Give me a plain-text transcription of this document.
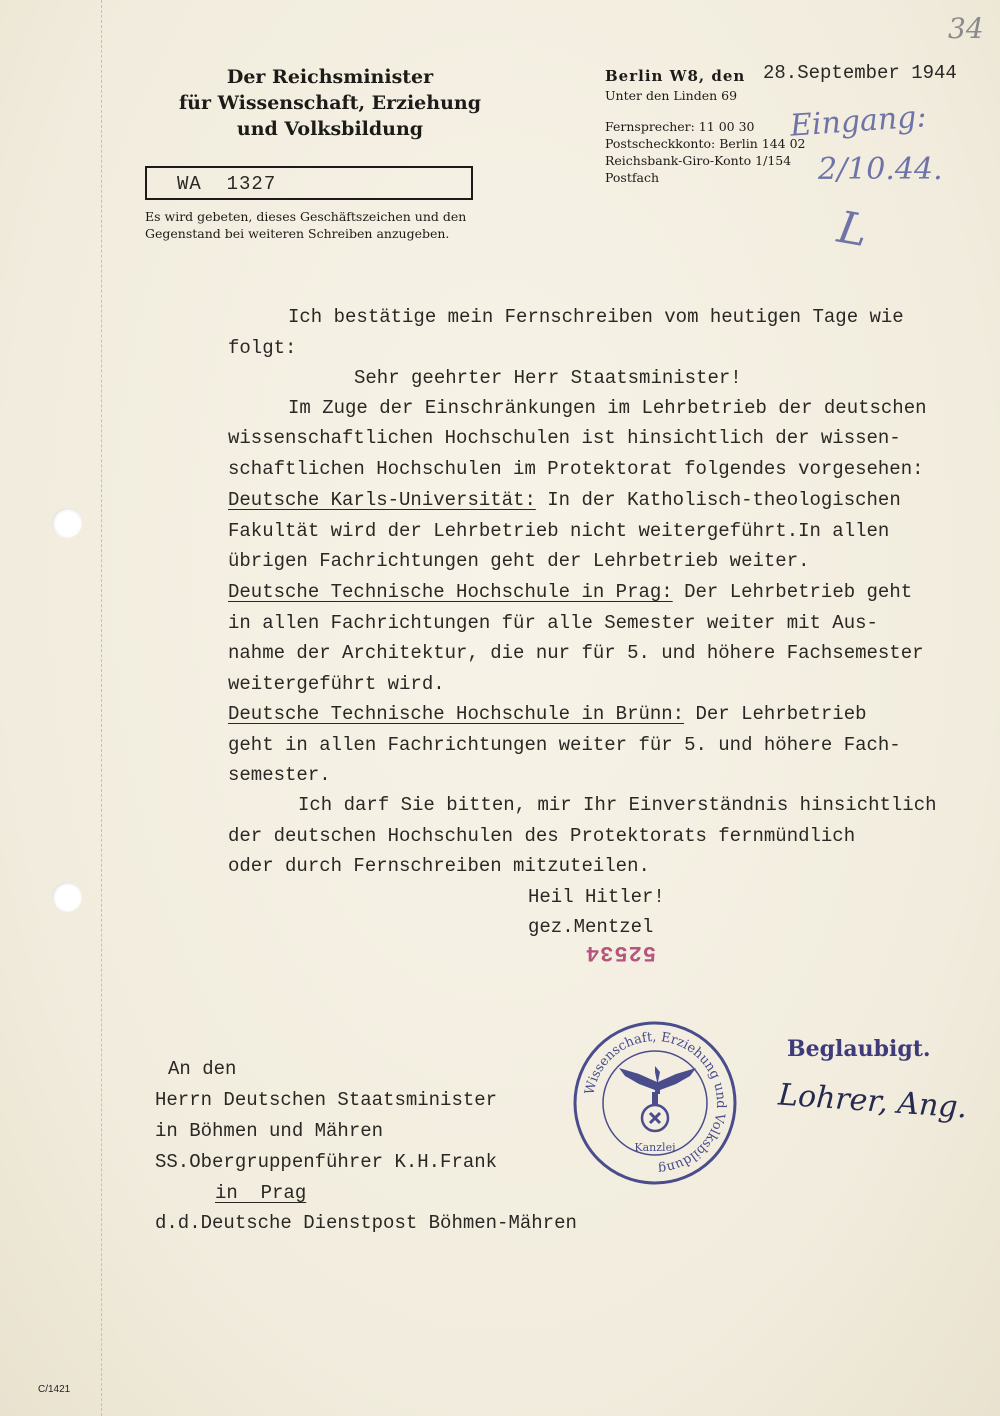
Der Reichsminister
für Wissenschaft, Erziehung
und Volksbildung
WA  1327
Es wird gebeten, dieses Geschäftszeichen und den
Gegenstand bei weiteren Schreiben anzugeben.
Berlin W8, den
Unter den Linden 69
Fernsprecher: 11 00 30
Postscheckkonto: Berlin 144 02
Reichsbank-Giro-Konto 1/154
Postfach
28.September 1944
34
Eingang:
2/10.44.
L
Ich bestätige mein Fernschreiben vom heutigen Tage wie
folgt:
Sehr geehrter Herr Staatsminister!
Im Zuge der Einschränkungen im Lehrbetrieb der deutschen
wissenschaftlichen Hochschulen ist hinsichtlich der wissen-
schaftlichen Hochschulen im Protektorat folgendes vorgesehen:
Deutsche Karls-Universität: In der Katholisch-theologischen
Fakultät wird der Lehrbetrieb nicht weitergeführt.In allen
übrigen Fachrichtungen geht der Lehrbetrieb weiter.
Deutsche Technische Hochschule in Prag: Der Lehrbetrieb geht
in allen Fachrichtungen für alle Semester weiter mit Aus-
nahme der Architektur, die nur für 5. und höhere Fachsemester
weitergeführt wird.
Deutsche Technische Hochschule in Brünn: Der Lehrbetrieb
geht in allen Fachrichtungen weiter für 5. und höhere Fach-
semester.
Ich darf Sie bitten, mir Ihr Einverständnis hinsichtlich
der deutschen Hochschulen des Protektorats fernmündlich
oder durch Fernschreiben mitzuteilen.
Heil Hitler!
gez.Mentzel
52534
An den
Herrn Deutschen Staatsminister
in Böhmen und Mähren
SS.Obergruppenführer K.H.Frank
in  Prag
d.d.Deutsche Dienstpost Böhmen-Mähren
Wissenschaft, Erziehung und Volksbildung
Kanzlei
Beglaubigt.
Lohrer, Ang.
C/1421
